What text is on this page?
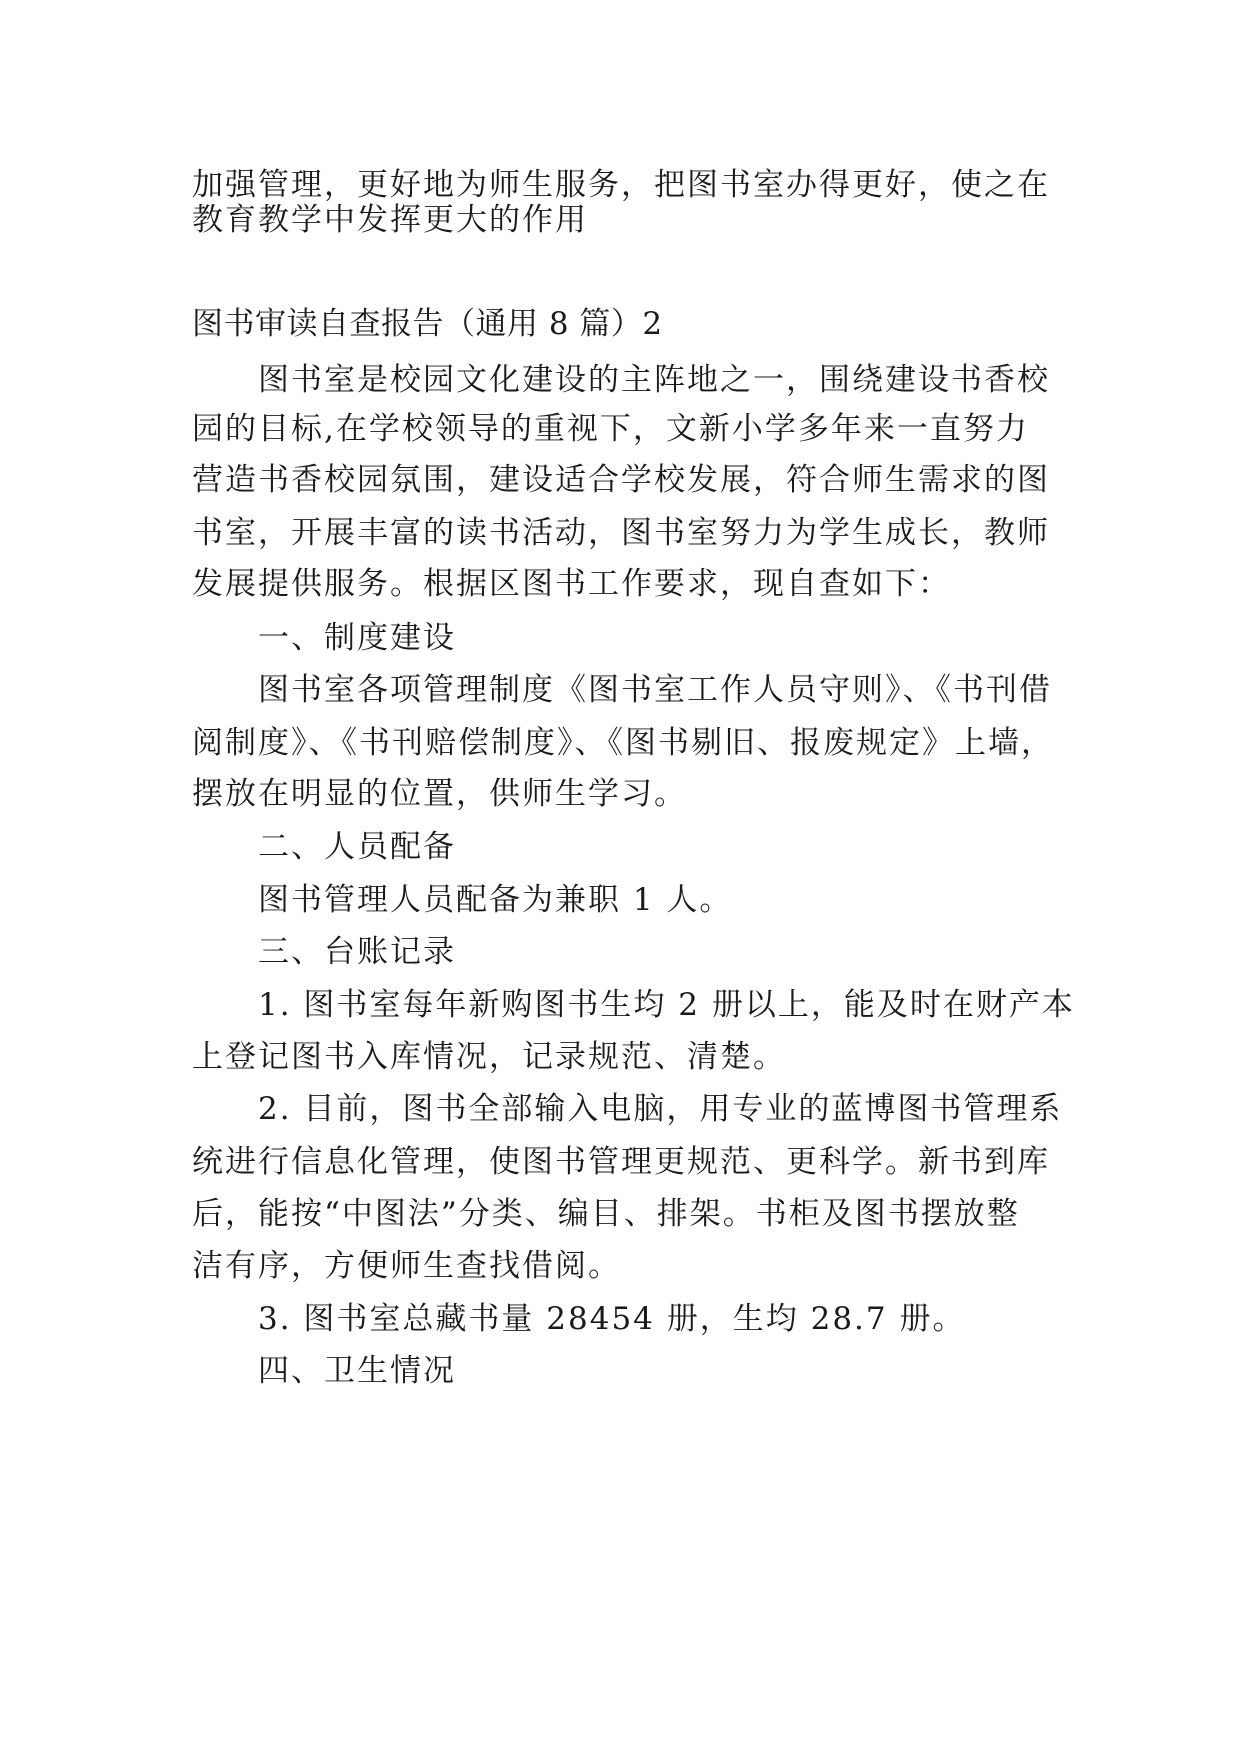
加强管理，更好地为师生服务，把图书室办得更好，使之在
教育教学中发挥更大的作用
图书审读自查报告（通用 8 篇）2
图书室是校园文化建设的主阵地之一，围绕建设书香校
园的目标,在学校领导的重视下，文新小学多年来一直努力
营造书香校园氛围，建设适合学校发展，符合师生需求的图
书室，开展丰富的读书活动，图书室努力为学生成长，教师
发展提供服务。根据区图书工作要求，现自查如下：
一、制度建设
图书室各项管理制度《图书室工作人员守则》、《书刊借
阅制度》、《书刊赔偿制度》、《图书剔旧、报废规定》上墙，
摆放在明显的位置，供师生学习。
二、人员配备
图书管理人员配备为兼职 1 人。
三、台账记录
1. 图书室每年新购图书生均 2 册以上，能及时在财产本
上登记图书入库情况，记录规范、清楚。
2. 目前，图书全部输入电脑，用专业的蓝博图书管理系
统进行信息化管理，使图书管理更规范、更科学。新书到库
后，能按“中图法”分类、编目、排架。书柜及图书摆放整
洁有序，方便师生查找借阅。
3. 图书室总藏书量 28454 册，生均 28.7 册。
四、卫生情况
